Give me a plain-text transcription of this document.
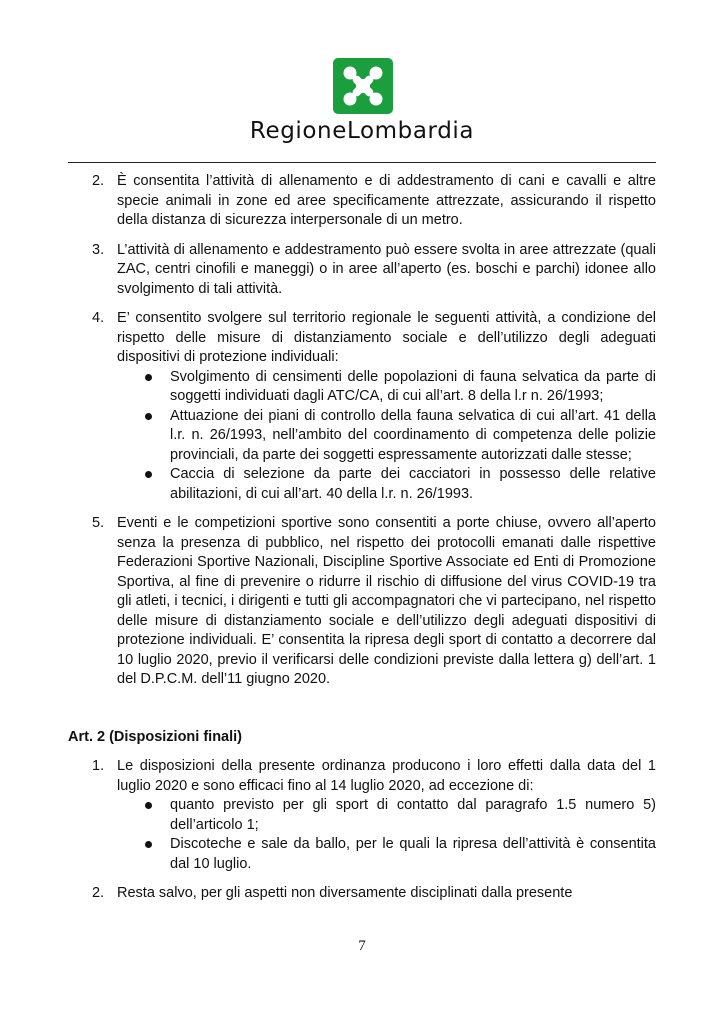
RegioneLombardia
2. È consentita l’attività di allenamento e di addestramento di cani e cavalli e altre specie animali in zone ed aree specificamente attrezzate, assicurando il rispetto della distanza di sicurezza interpersonale di un metro.
3. L’attività di allenamento e addestramento può essere svolta in aree attrezzate (quali ZAC, centri cinofili e maneggi) o in aree all’aperto (es. boschi e parchi) idonee allo svolgimento di tali attività.
4. E’ consentito svolgere sul territorio regionale le seguenti attività, a condizione del rispetto delle misure di distanziamento sociale e dell’utilizzo degli adeguati dispositivi di protezione individuali:
Svolgimento di censimenti delle popolazioni di fauna selvatica da parte di soggetti individuati dagli ATC/CA, di cui all’art. 8 della l.r n. 26/1993;
Attuazione dei piani di controllo della fauna selvatica di cui all’art. 41 della l.r. n. 26/1993, nell’ambito del coordinamento di competenza delle polizie provinciali, da parte dei soggetti espressamente autorizzati dalle stesse;
Caccia di selezione da parte dei cacciatori in possesso delle relative abilitazioni, di cui all’art. 40 della l.r. n. 26/1993.
5. Eventi e le competizioni sportive sono consentiti a porte chiuse, ovvero all’aperto senza la presenza di pubblico, nel rispetto dei protocolli emanati dalle rispettive Federazioni Sportive Nazionali, Discipline Sportive Associate ed Enti di Promozione Sportiva, al fine di prevenire o ridurre il rischio di diffusione del virus COVID-19 tra gli atleti, i tecnici, i dirigenti e tutti gli accompagnatori che vi partecipano, nel rispetto delle misure di distanziamento sociale e dell’utilizzo degli adeguati dispositivi di protezione individuali. E’ consentita la ripresa degli sport di contatto a decorrere dal 10 luglio 2020, previo il verificarsi delle condizioni previste dalla lettera g) dell’art. 1 del D.P.C.M. dell’11 giugno 2020.
Art. 2 (Disposizioni finali)
1. Le disposizioni della presente ordinanza producono i loro effetti dalla data del 1 luglio 2020 e sono efficaci fino al 14 luglio 2020, ad eccezione di:
quanto previsto per gli sport di contatto dal paragrafo 1.5 numero 5) dell’articolo 1;
Discoteche e sale da ballo, per le quali la ripresa dell’attività è consentita dal 10 luglio.
2. Resta salvo, per gli aspetti non diversamente disciplinati dalla presente
7
